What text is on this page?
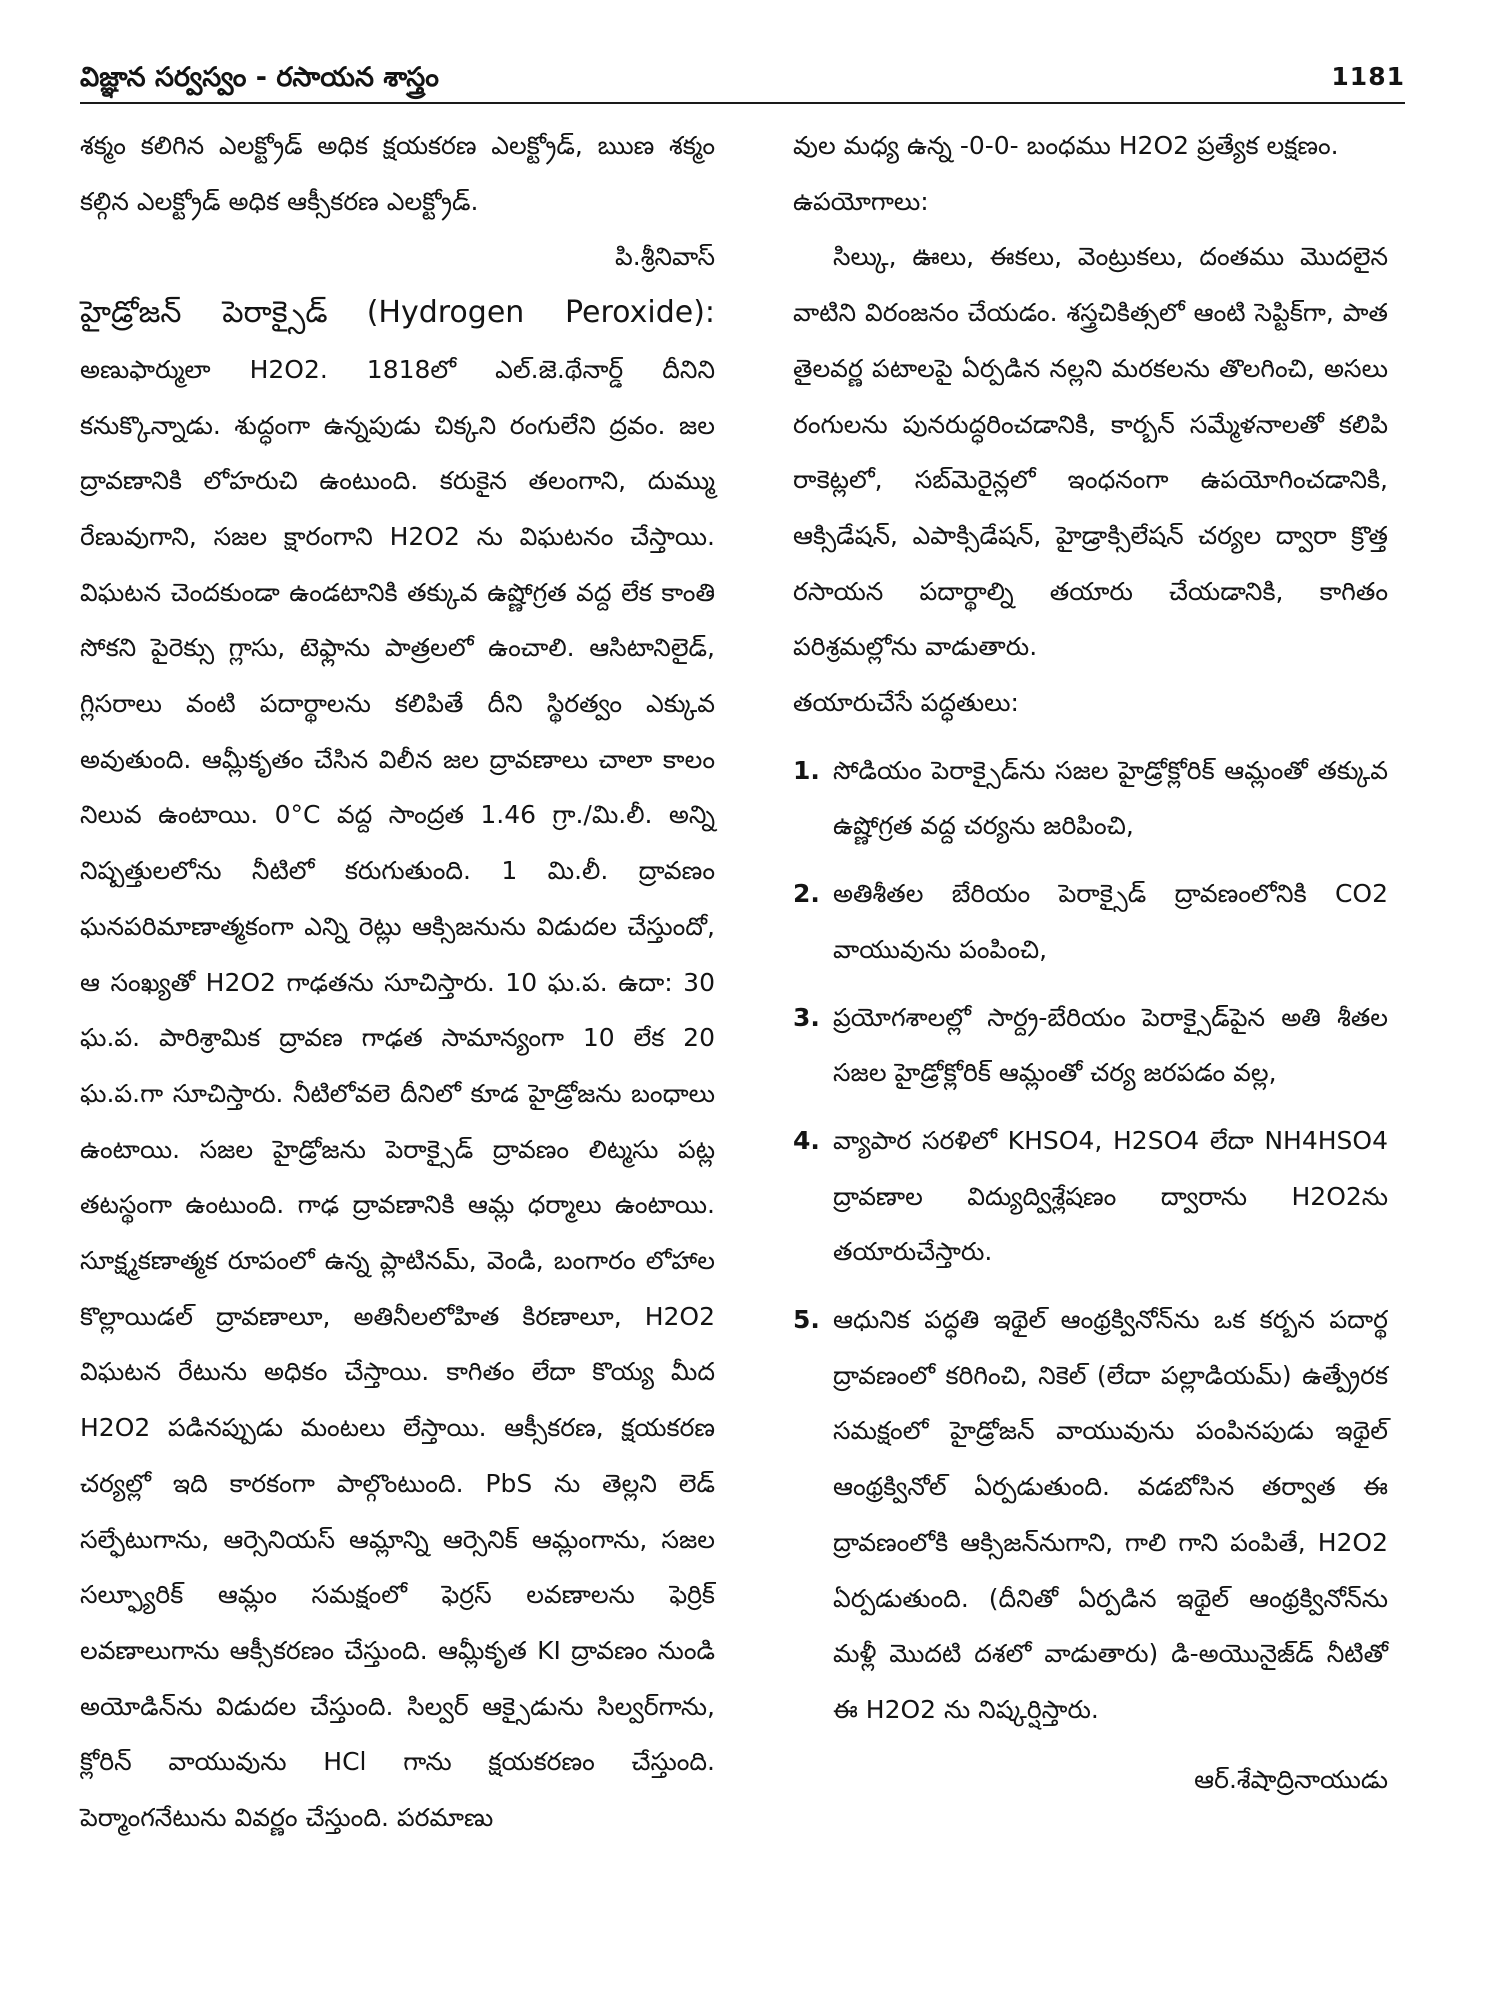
విజ్ఞాన సర్వస్వం - రసాయన శాస్త్రం	1181

శక్మం కలిగిన ఎలక్ట్రోడ్ అధిక క్షయకరణ ఎలక్ట్రోడ్, ఋణ శక్మం కల్గిన ఎలక్ట్రోడ్ అధిక ఆక్సీకరణ ఎలక్ట్రోడ్.

పి.శ్రీనివాస్

హైడ్రోజన్ పెరాక్సైడ్ (Hydrogen Peroxide): అణుఫార్ములా H2O2. 1818లో ఎల్.జె.థేనార్డ్ దీనిని కనుక్కొన్నాడు. శుద్ధంగా ఉన్నపుడు చిక్కని రంగులేని ద్రవం. జల ద్రావణానికి లోహరుచి ఉంటుంది. కరుకైన తలంగాని, దుమ్ము రేణువుగాని, సజల క్షారంగాని H2O2 ను విఘటనం చేస్తాయి. విఘటన చెందకుండా ఉండటానికి తక్కువ ఉష్ణోగ్రత వద్ద లేక కాంతి సోకని పైరెక్సు గ్లాసు, టెఫ్లాను పాత్రలలో ఉంచాలి. ఆసిటానిలైడ్, గ్లిసరాలు వంటి పదార్థాలను కలిపితే దీని స్థిరత్వం ఎక్కువ అవుతుంది. ఆమ్లీకృతం చేసిన విలీన జల ద్రావణాలు చాలా కాలం నిలువ ఉంటాయి. 0°C వద్ద సాంద్రత 1.46 గ్రా./మి.లీ. అన్ని నిష్పత్తులలోను నీటిలో కరుగుతుంది. 1 మి.లీ. ద్రావణం ఘనపరిమాణాత్మకంగా ఎన్ని రెట్లు ఆక్సిజనును విడుదల చేస్తుందో, ఆ సంఖ్యతో H2O2 గాఢతను సూచిస్తారు. 10 ఘ.ప. ఉదా: 30 ఘ.ప. పారిశ్రామిక ద్రావణ గాఢత సామాన్యంగా 10 లేక 20 ఘ.ప.గా సూచిస్తారు. నీటిలోవలె దీనిలో కూడ హైడ్రోజను బంధాలు ఉంటాయి. సజల హైడ్రోజను పెరాక్సైడ్ ద్రావణం లిట్మసు పట్ల తటస్థంగా ఉంటుంది. గాఢ ద్రావణానికి ఆమ్ల ధర్మాలు ఉంటాయి. సూక్ష్మకణాత్మక రూపంలో ఉన్న ప్లాటినమ్, వెండి, బంగారం లోహాల కొల్లాయిడల్ ద్రావణాలూ, అతినీలలోహిత కిరణాలూ, H2O2 విఘటన రేటును అధికం చేస్తాయి. కాగితం లేదా కొయ్య మీద H2O2 పడినప్పుడు మంటలు లేస్తాయి. ఆక్సీకరణ, క్షయకరణ చర్యల్లో ఇది కారకంగా పాల్గొంటుంది. PbS ను తెల్లని లెడ్ సల్ఫేటుగాను, ఆర్సెనియస్ ఆమ్లాన్ని ఆర్సెనిక్ ఆమ్లంగాను, సజల సల్ఫ్యూరిక్ ఆమ్లం సమక్షంలో ఫెర్రస్ లవణాలను ఫెర్రిక్ లవణాలుగాను ఆక్సీకరణం చేస్తుంది. ఆమ్లీకృత KI ద్రావణం నుండి అయోడిన్‌ను విడుదల చేస్తుంది. సిల్వర్ ఆక్సైడును సిల్వర్‌గాను, క్లోరిన్ వాయువును HCl గాను క్షయకరణం చేస్తుంది. పెర్మాంగనేటును వివర్ణం చేస్తుంది. పరమాణు

వుల మధ్య ఉన్న -0-0- బంధము H2O2 ప్రత్యేక లక్షణం.

ఉపయోగాలు:

సిల్కు, ఊలు, ఈకలు, వెంట్రుకలు, దంతము మొదలైన వాటిని విరంజనం చేయడం. శస్త్రచికిత్సలో ఆంటి సెప్టిక్‌గా, పాత తైలవర్ణ పటాలపై ఏర్పడిన నల్లని మరకలను తొలగించి, అసలు రంగులను పునరుద్ధరించడానికి, కార్బన్ సమ్మేళనాలతో కలిపి రాకెట్లలో, సబ్‌మెరైన్లలో ఇంధనంగా ఉపయోగించడానికి, ఆక్సిడేషన్, ఎపాక్సిడేషన్, హైడ్రాక్సిలేషన్ చర్యల ద్వారా క్రొత్త రసాయన పదార్థాల్ని తయారు చేయడానికి, కాగితం పరిశ్రమల్లోను వాడుతారు.

తయారుచేసే పద్ధతులు:

1. సోడియం పెరాక్సైడ్‌ను సజల హైడ్రోక్లోరిక్ ఆమ్లంతో తక్కువ ఉష్ణోగ్రత వద్ద చర్యను జరిపించి,
2. అతిశీతల బేరియం పెరాక్సైడ్ ద్రావణంలోనికి CO2 వాయువును పంపించి,
3. ప్రయోగశాలల్లో సార్ద్ర-బేరియం పెరాక్సైడ్‌పైన అతి శీతల సజల హైడ్రోక్లోరిక్ ఆమ్లంతో చర్య జరపడం వల్ల,
4. వ్యాపార సరళిలో KHSO4, H2SO4 లేదా NH4HSO4 ద్రావణాల విద్యుద్విశ్లేషణం ద్వారాను H2O2ను తయారుచేస్తారు.
5. ఆధునిక పద్ధతి ఇథైల్ ఆంథ్రక్వినోన్‌ను ఒక కర్బన పదార్థ ద్రావణంలో కరిగించి, నికెల్ (లేదా పల్లాడియమ్) ఉత్ప్రేరక సమక్షంలో హైడ్రోజన్ వాయువును పంపినపుడు ఇథైల్ ఆంథ్రక్వినోల్ ఏర్పడుతుంది. వడబోసిన తర్వాత ఈ ద్రావణంలోకి ఆక్సిజన్‌నుగాని, గాలి గాని పంపితే, H2O2 ఏర్పడుతుంది. (దీనితో ఏర్పడిన ఇథైల్ ఆంథ్రక్వినోన్‌ను మళ్లీ మొదటి దశలో వాడుతారు) డి-అయొనైజ్‌డ్ నీటితో ఈ H2O2 ను నిష్కర్షిస్తారు.

ఆర్.శేషాద్రినాయుడు
